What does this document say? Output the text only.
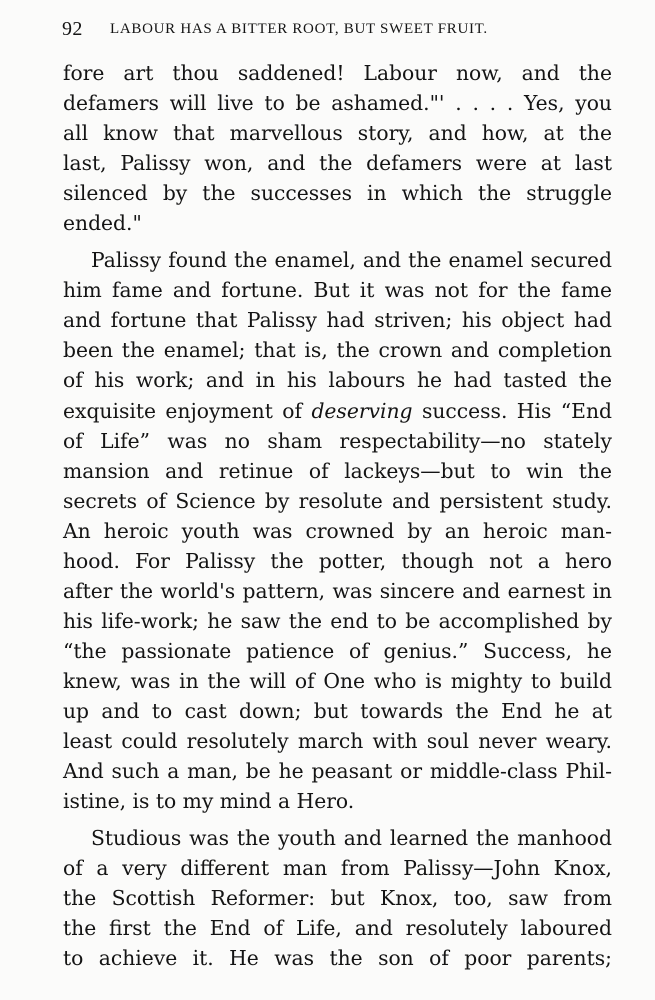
92 LABOUR HAS A BITTER ROOT, BUT SWEET FRUIT.
fore art thou saddened! Labour now, and the
defamers will live to be ashamed."' . . . . Yes, you
all know that marvellous story, and how, at the
last, Palissy won, and the defamers were at last
silenced by the successes in which the struggle
ended."
Palissy found the enamel, and the enamel secured
him fame and fortune. But it was not for the fame
and fortune that Palissy had striven; his object had
been the enamel; that is, the crown and completion
of his work; and in his labours he had tasted the
exquisite enjoyment of deserving success. His “End
of Life” was no sham respectability—no stately
mansion and retinue of lackeys—but to win the
secrets of Science by resolute and persistent study.
An heroic youth was crowned by an heroic man-
hood. For Palissy the potter, though not a hero
after the world's pattern, was sincere and earnest in
his life-work; he saw the end to be accomplished by
“the passionate patience of genius.” Success, he
knew, was in the will of One who is mighty to build
up and to cast down; but towards the End he at
least could resolutely march with soul never weary.
And such a man, be he peasant or middle-class Phil-
istine, is to my mind a Hero.
Studious was the youth and learned the manhood
of a very different man from Palissy—John Knox,
the Scottish Reformer: but Knox, too, saw from
the first the End of Life, and resolutely laboured
to achieve it. He was the son of poor parents;
